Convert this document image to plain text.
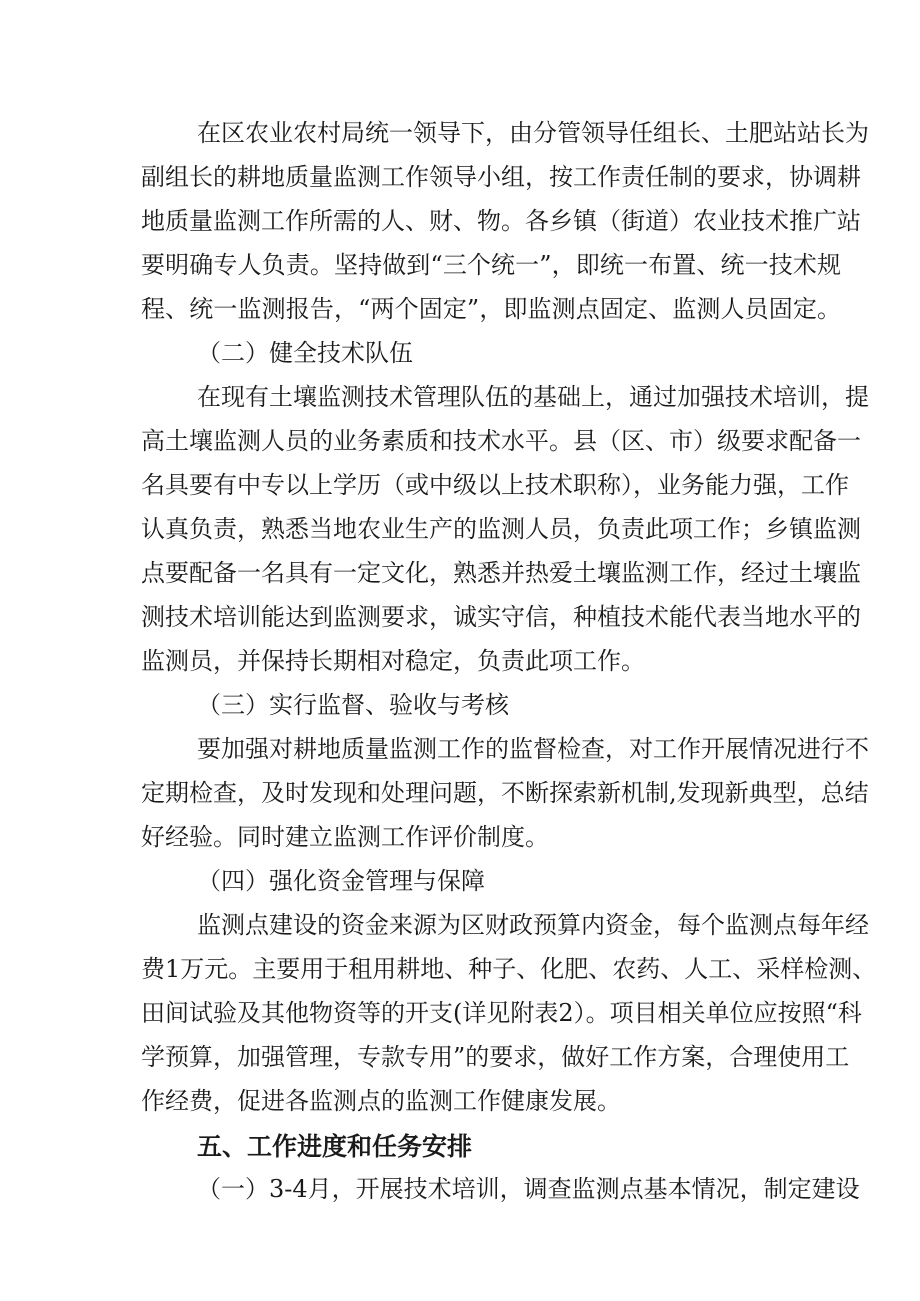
在区农业农村局统一领导下，由分管领导任组长、土肥站站长为
副组长的耕地质量监测工作领导小组，按工作责任制的要求，协调耕
地质量监测工作所需的人、财、物。各乡镇（街道）农业技术推广站
要明确专人负责。坚持做到“三个统一”，即统一布置、统一技术规
程、统一监测报告，“两个固定”，即监测点固定、监测人员固定。
（二）健全技术队伍
在现有土壤监测技术管理队伍的基础上，通过加强技术培训，提
高土壤监测人员的业务素质和技术水平。县（区、市）级要求配备一
名具要有中专以上学历（或中级以上技术职称），业务能力强，工作
认真负责，熟悉当地农业生产的监测人员，负责此项工作；乡镇监测
点要配备一名具有一定文化，熟悉并热爱土壤监测工作，经过土壤监
测技术培训能达到监测要求，诚实守信，种植技术能代表当地水平的
监测员，并保持长期相对稳定，负责此项工作。
（三）实行监督、验收与考核
要加强对耕地质量监测工作的监督检查，对工作开展情况进行不
定期检查，及时发现和处理问题，不断探索新机制,发现新典型，总结
好经验。同时建立监测工作评价制度。
（四）强化资金管理与保障
监测点建设的资金来源为区财政预算内资金，每个监测点每年经
费1万元。主要用于租用耕地、种子、化肥、农药、人工、采样检测、
田间试验及其他物资等的开支(详见附表2）。项目相关单位应按照“科
学预算，加强管理，专款专用”的要求，做好工作方案，合理使用工
作经费，促进各监测点的监测工作健康发展。
五、工作进度和任务安排
（一）3-4月，开展技术培训，调查监测点基本情况，制定建设
